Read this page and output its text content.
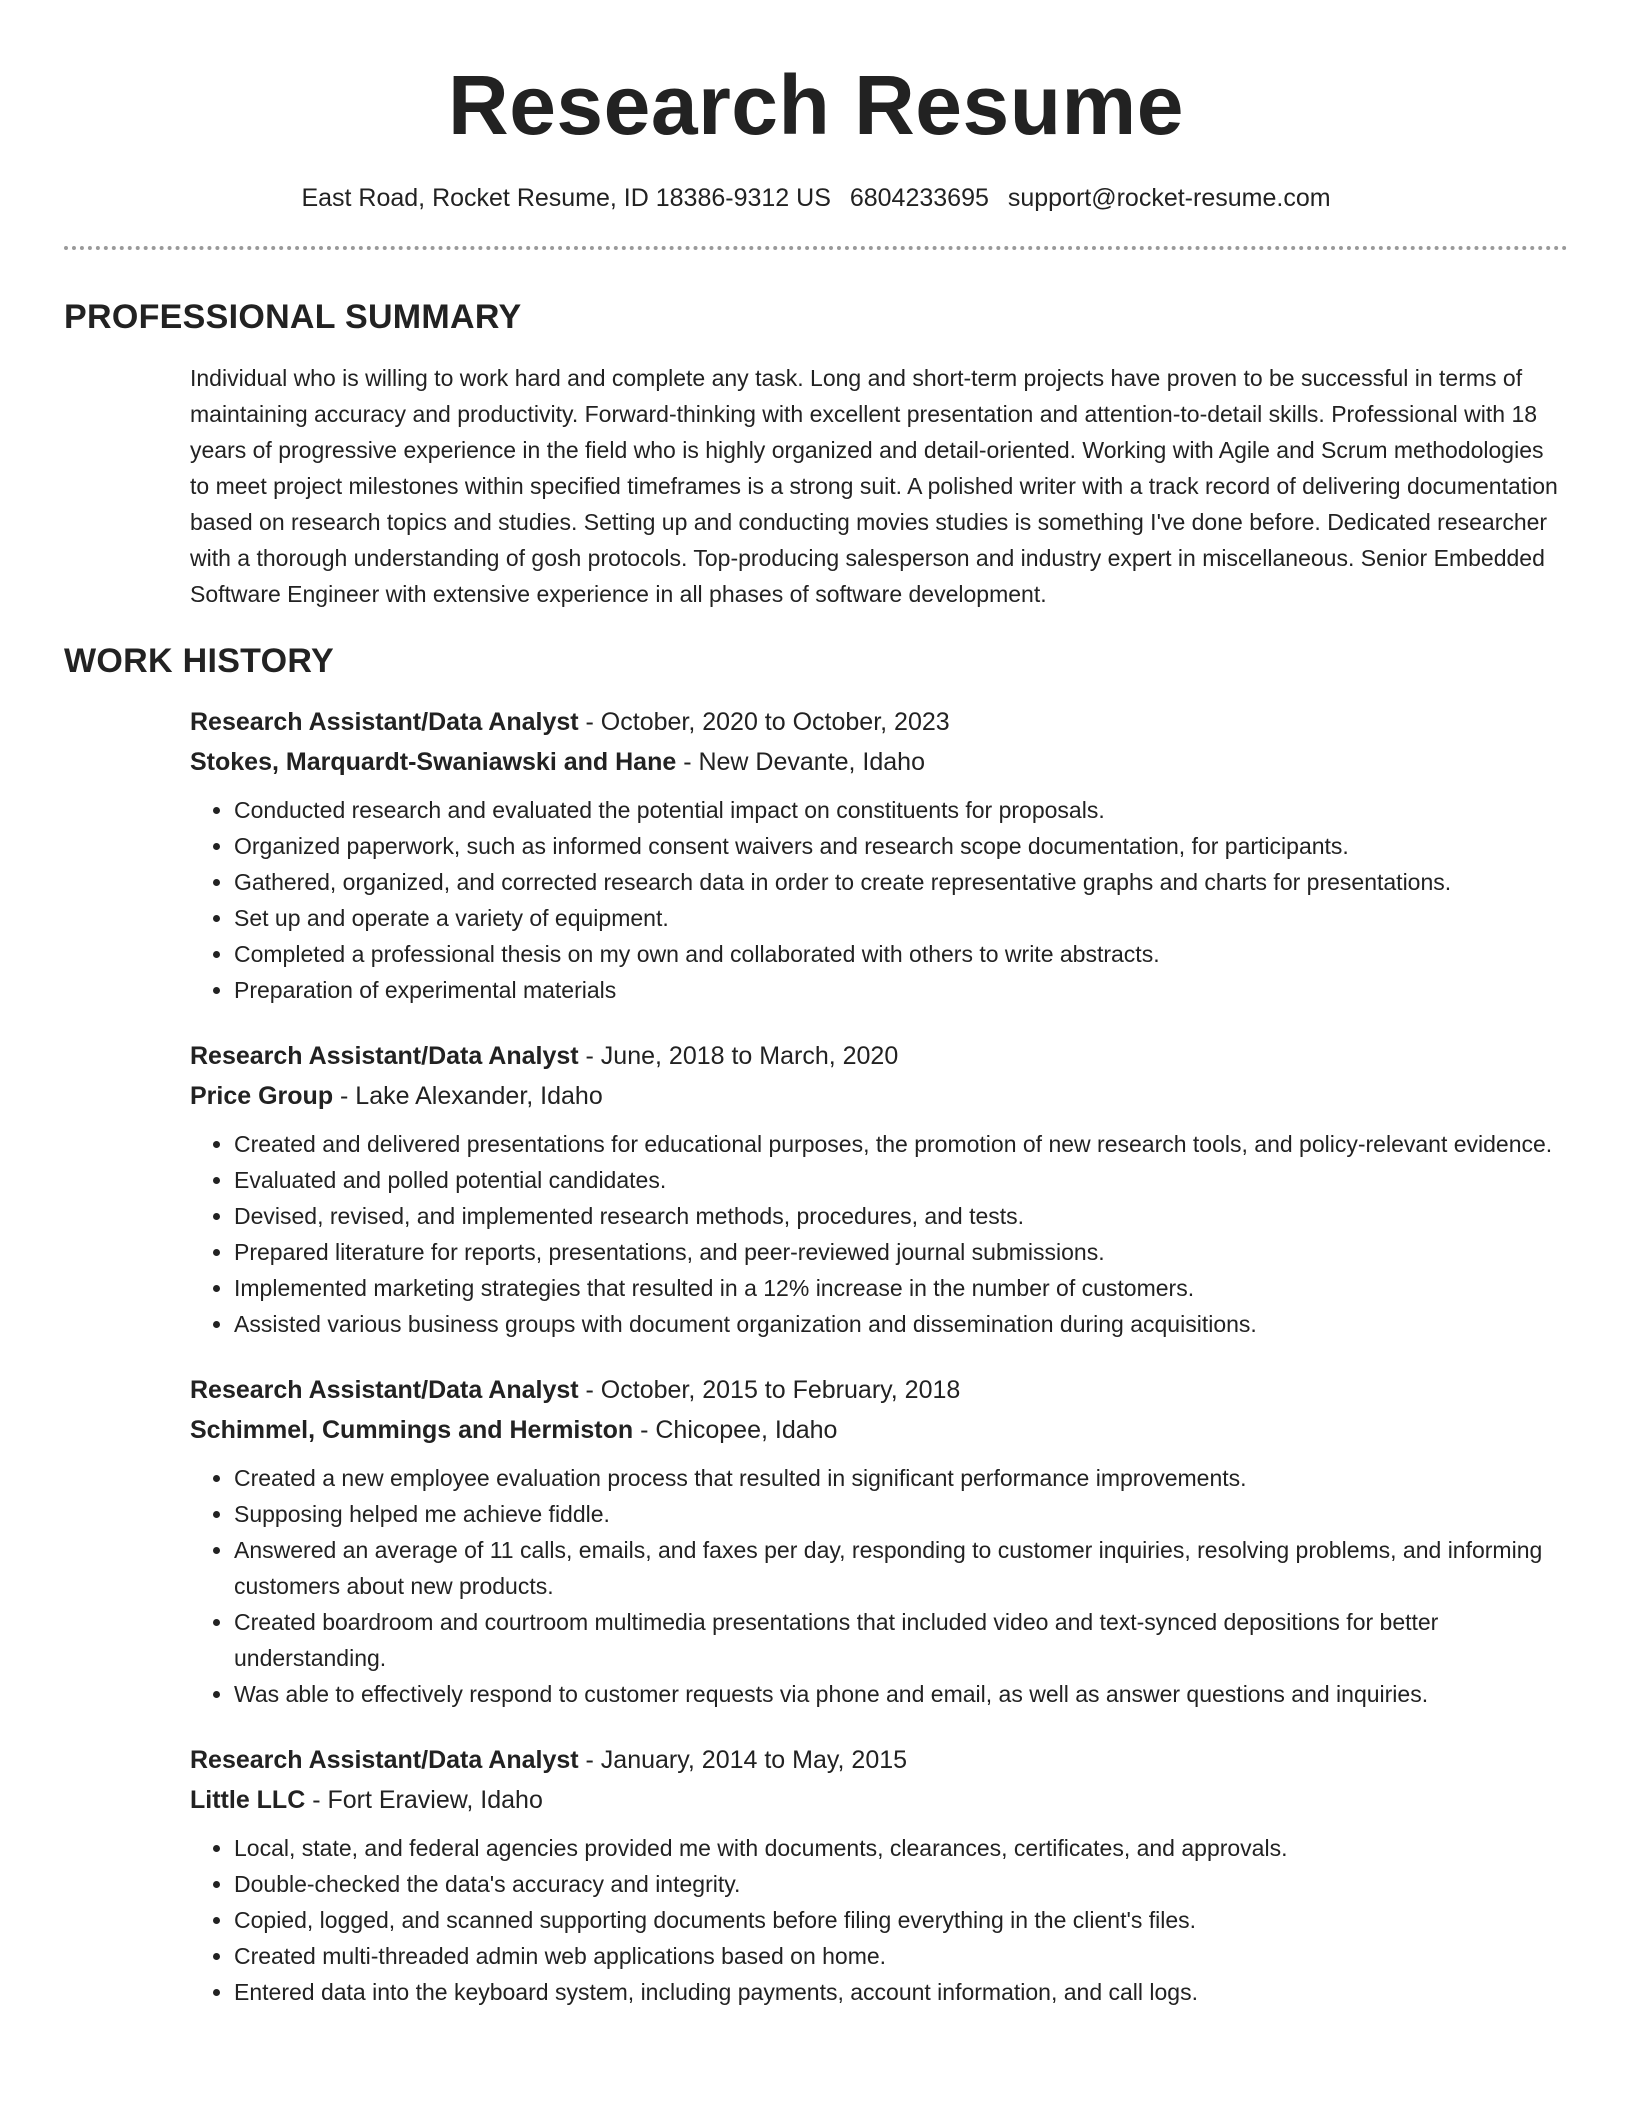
Research Resume
East Road, Rocket Resume, ID 18386-9312 US 6804233695 support@rocket-resume.com
PROFESSIONAL SUMMARY

Individual who is willing to work hard and complete any task. Long and short-term projects have proven to be successful in terms of maintaining accuracy and productivity. Forward-thinking with excellent presentation and attention-to-detail skills. Professional with 18 years of progressive experience in the field who is highly organized and detail-oriented. Working with Agile and Scrum methodologies to meet project milestones within specified timeframes is a strong suit. A polished writer with a track record of delivering documentation based on research topics and studies. Setting up and conducting movies studies is something I've done before. Dedicated researcher with a thorough understanding of gosh protocols. Top-producing salesperson and industry expert in miscellaneous. Senior Embedded Software Engineer with extensive experience in all phases of software development.

WORK HISTORY
Research Assistant/Data Analyst - October, 2020 to October, 2023
Stokes, Marquardt-Swaniawski and Hane - New Devante, Idaho
• Conducted research and evaluated the potential impact on constituents for proposals.
• Organized paperwork, such as informed consent waivers and research scope documentation, for participants.
• Gathered, organized, and corrected research data in order to create representative graphs and charts for presentations.
• Set up and operate a variety of equipment.
• Completed a professional thesis on my own and collaborated with others to write abstracts.
• Preparation of experimental materials
Research Assistant/Data Analyst - June, 2018 to March, 2020
Price Group - Lake Alexander, Idaho
• Created and delivered presentations for educational purposes, the promotion of new research tools, and policy-relevant evidence.
• Evaluated and polled potential candidates.
• Devised, revised, and implemented research methods, procedures, and tests.
• Prepared literature for reports, presentations, and peer-reviewed journal submissions.
• Implemented marketing strategies that resulted in a 12% increase in the number of customers.
• Assisted various business groups with document organization and dissemination during acquisitions.
Research Assistant/Data Analyst - October, 2015 to February, 2018
Schimmel, Cummings and Hermiston - Chicopee, Idaho
• Created a new employee evaluation process that resulted in significant performance improvements.
• Supposing helped me achieve fiddle.
• Answered an average of 11 calls, emails, and faxes per day, responding to customer inquiries, resolving problems, and informing customers about new products.
• Created boardroom and courtroom multimedia presentations that included video and text-synced depositions for better understanding.
• Was able to effectively respond to customer requests via phone and email, as well as answer questions and inquiries.
Research Assistant/Data Analyst - January, 2014 to May, 2015
Little LLC - Fort Eraview, Idaho
• Local, state, and federal agencies provided me with documents, clearances, certificates, and approvals.
• Double-checked the data's accuracy and integrity.
• Copied, logged, and scanned supporting documents before filing everything in the client's files.
• Created multi-threaded admin web applications based on home.
• Entered data into the keyboard system, including payments, account information, and call logs.
